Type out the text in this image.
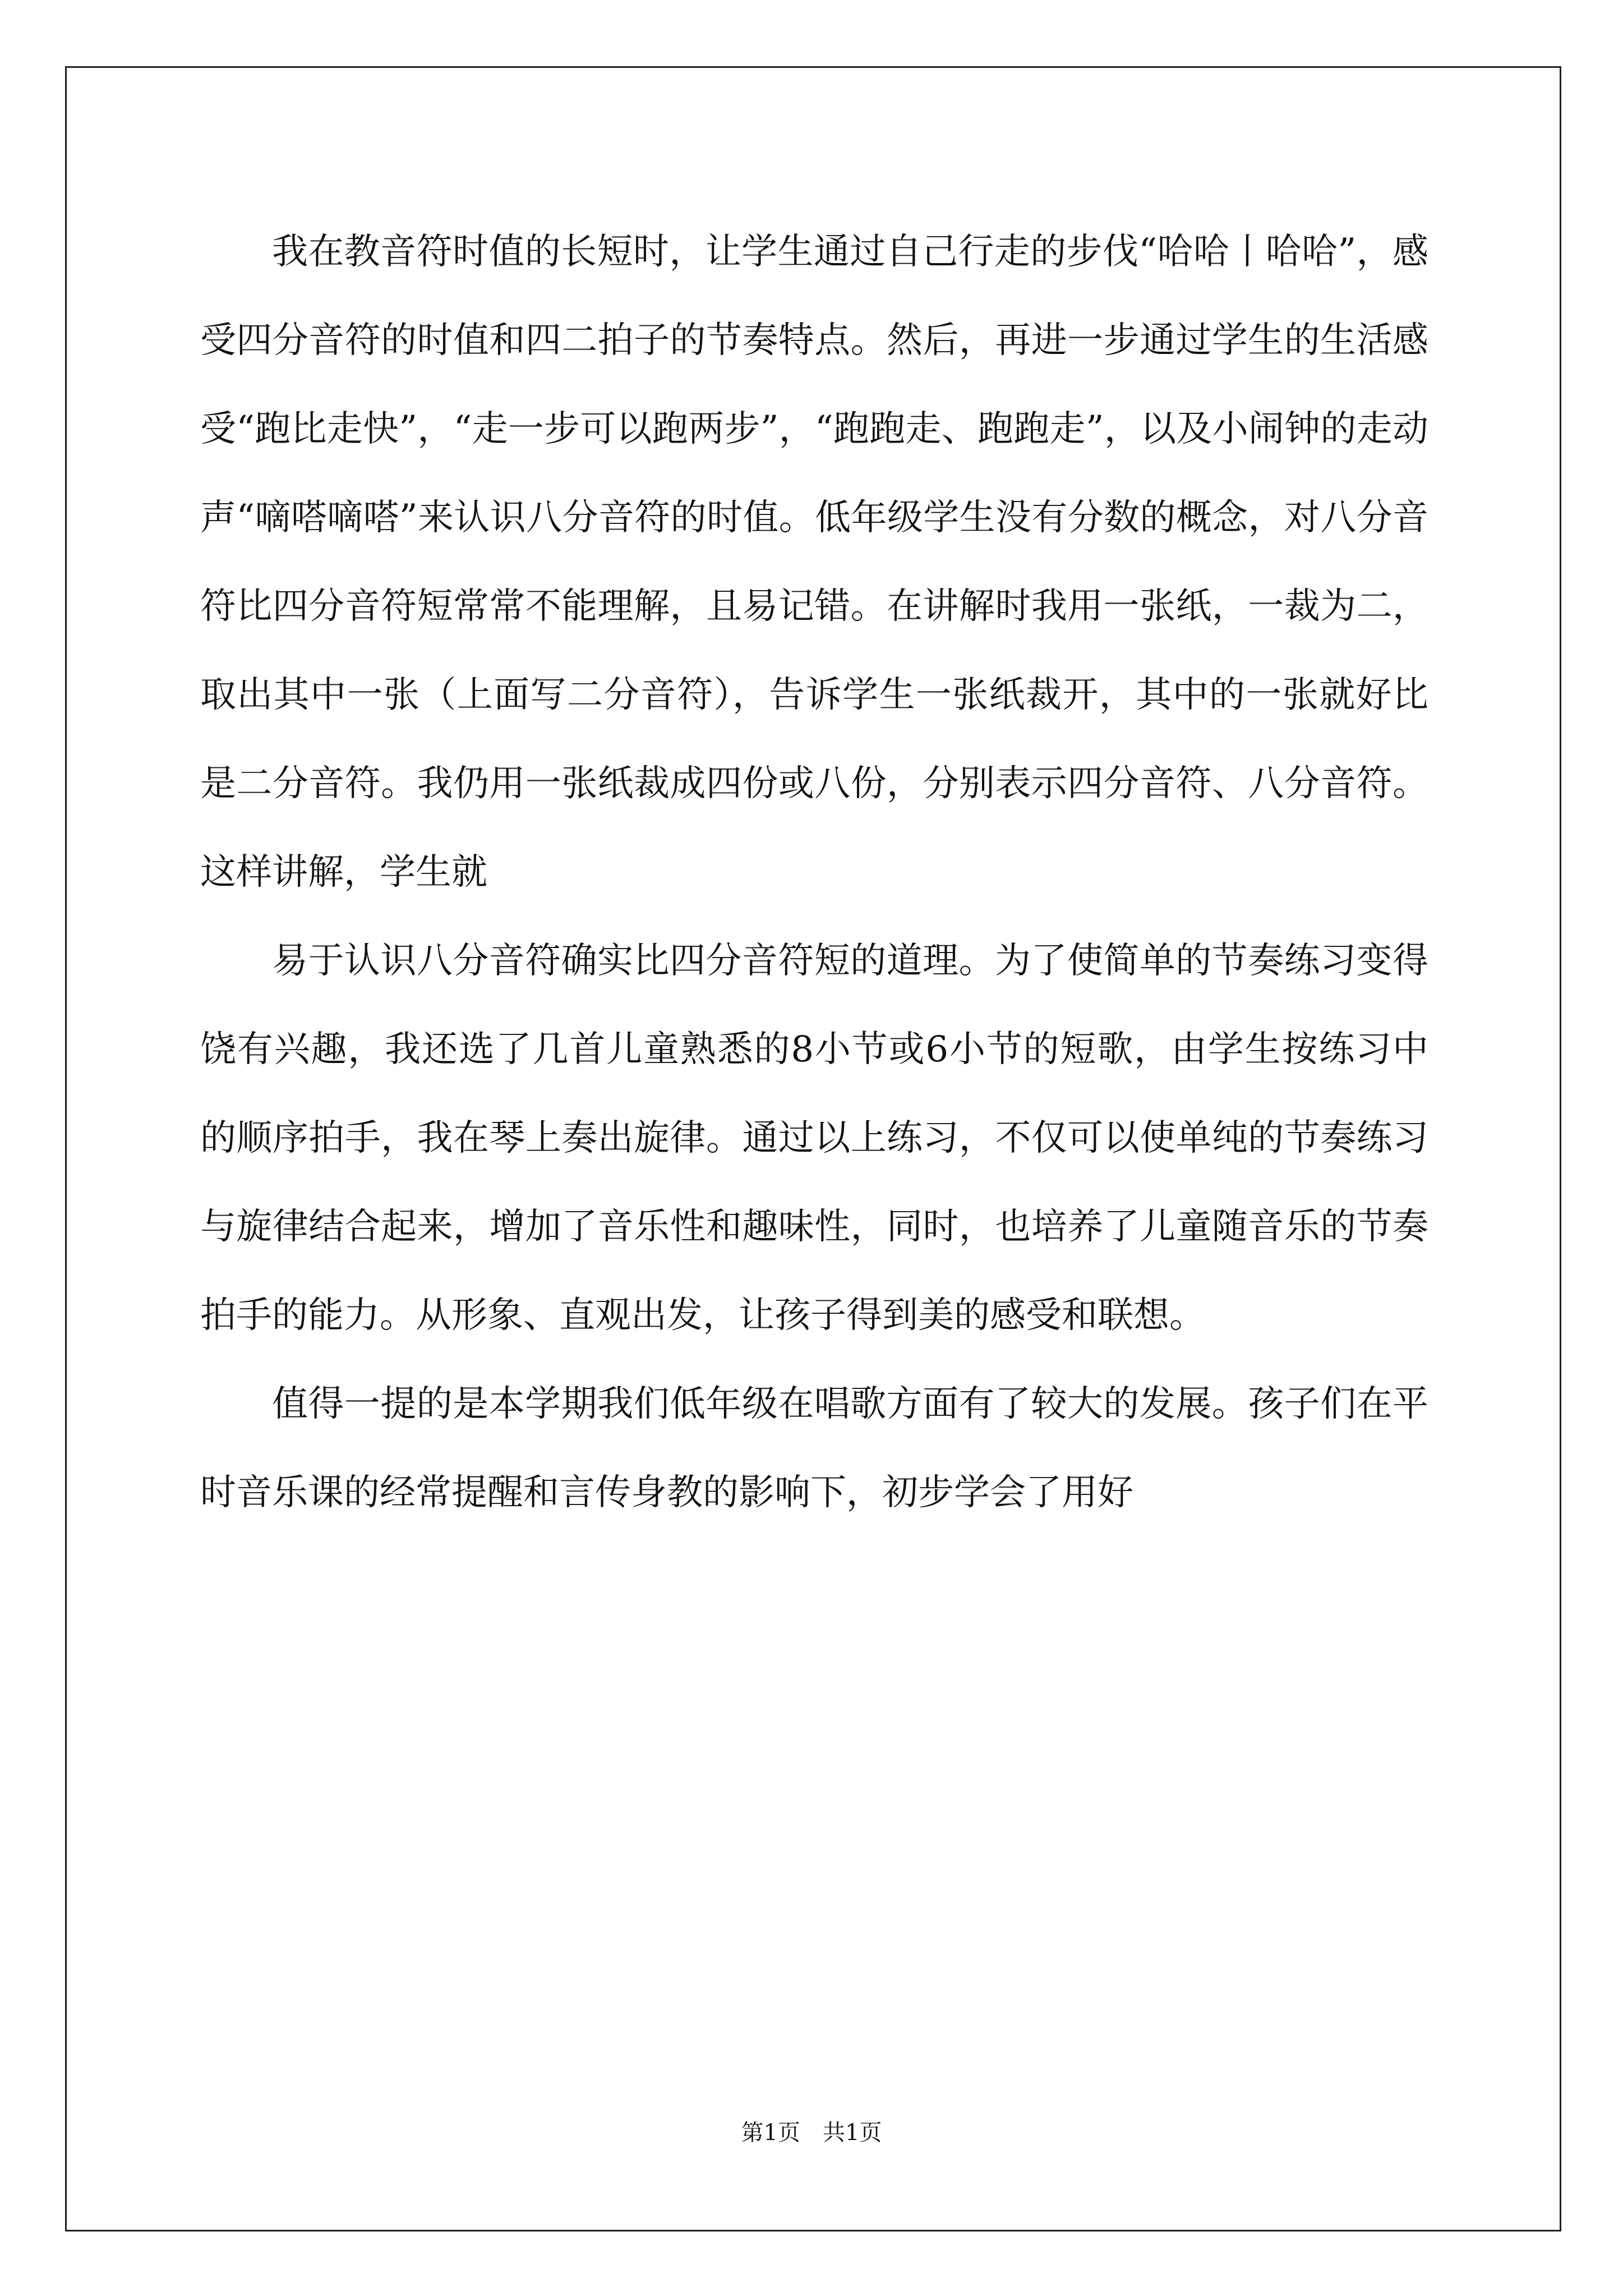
我在教音符时值的长短时，让学生通过自己行走的步伐“哈哈丨哈哈”，感受四分音符的时值和四二拍子的节奏特点。然后，再进一步通过学生的生活感受“跑比走快”，“走一步可以跑两步”，“跑跑走、跑跑走”，以及小闹钟的走动声“嘀嗒嘀嗒”来认识八分音符的时值。低年级学生没有分数的概念，对八分音符比四分音符短常常不能理解，且易记错。在讲解时我用一张纸，一裁为二，取出其中一张（上面写二分音符），告诉学生一张纸裁开，其中的一张就好比是二分音符。我仍用一张纸裁成四份或八份，分别表示四分音符、八分音符。这样讲解，学生就

易于认识八分音符确实比四分音符短的道理。为了使简单的节奏练习变得饶有兴趣，我还选了几首儿童熟悉的8小节或6小节的短歌，由学生按练习中的顺序拍手，我在琴上奏出旋律。通过以上练习，不仅可以使单纯的节奏练习与旋律结合起来，增加了音乐性和趣味性，同时，也培养了儿童随音乐的节奏拍手的能力。从形象、直观出发，让孩子得到美的感受和联想。

值得一提的是本学期我们低年级在唱歌方面有了较大的发展。孩子们在平时音乐课的经常提醒和言传身教的影响下，初步学会了用好

第1页 共1页
